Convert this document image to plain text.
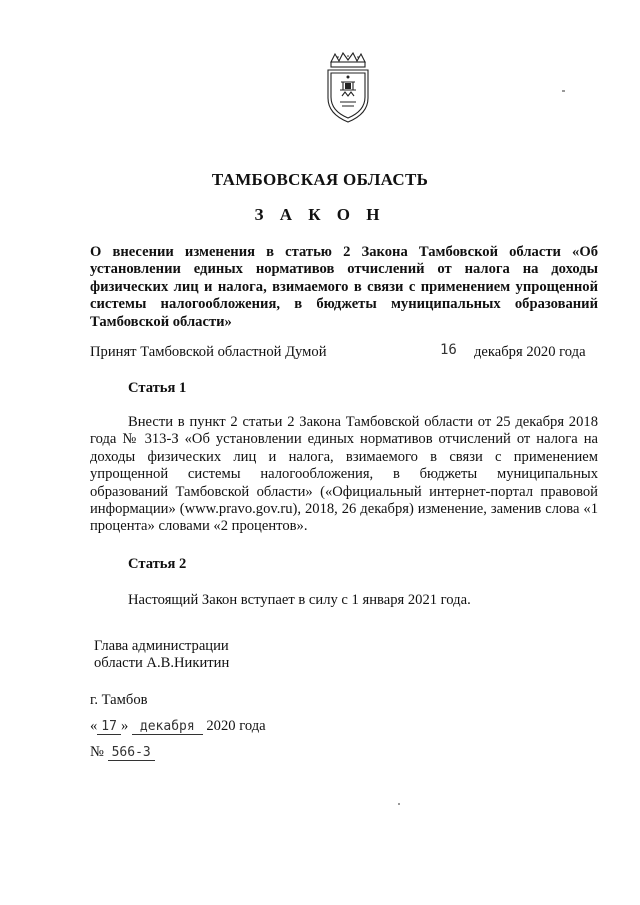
ТАМБОВСКАЯ ОБЛАСТЬ
З А К О Н
О внесении изменения в статью 2 Закона Тамбовской области «Об установлении единых нормативов отчислений от налога на доходы физических лиц и налога, взимаемого в связи с применением упрощенной системы налогообложения, в бюджеты муниципальных образований Тамбовской области»
Принят Тамбовской областной Думой	16 декабря 2020 года
Статья 1
Внести в пункт 2 статьи 2 Закона Тамбовской области от 25 декабря 2018 года № 313-З «Об установлении единых нормативов отчислений от налога на доходы физических лиц и налога, взимаемого в связи с применением упрощенной системы налогообложения, в бюджеты муниципальных образований Тамбовской области» («Официальный интернет-портал правовой информации» (www.pravo.gov.ru), 2018, 26 декабря) изменение, заменив слова «1 процента» словами «2 процентов».
Статья 2
Настоящий Закон вступает в силу с 1 января 2021 года.
Глава администрации
области А.В.Никитин
г. Тамбов
« 17 » декабря 2020 года
№ 566-З
